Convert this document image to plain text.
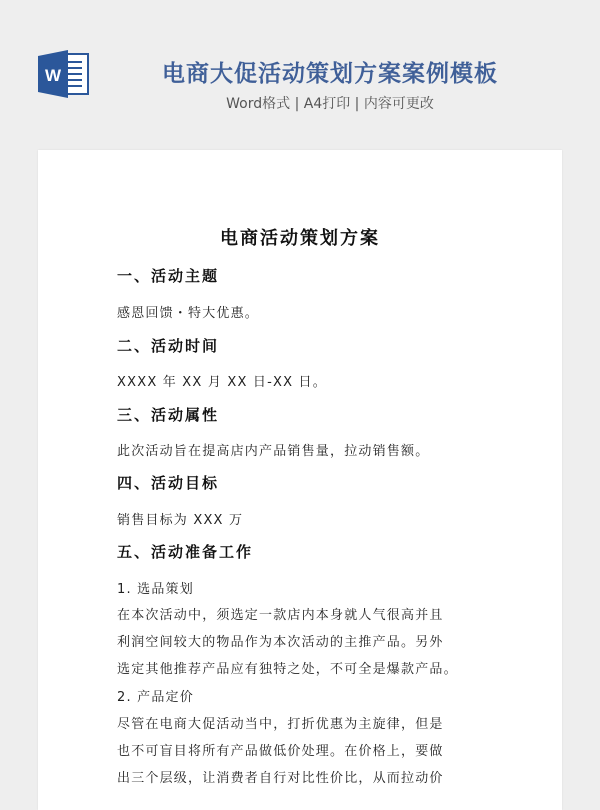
W	电商大促活动策划方案案例模板
Word格式 | A4打印 | 内容可更改
电商活动策划方案
一、活动主题
感恩回馈・特大优惠。
二、活动时间
XXXX 年 XX 月 XX 日-XX 日。
三、活动属性
此次活动旨在提高店内产品销售量，拉动销售额。
四、活动目标
销售目标为 XXX 万
五、活动准备工作
1. 选品策划
在本次活动中，须选定一款店内本身就人气很高并且
利润空间较大的物品作为本次活动的主推产品。另外
选定其他推荐产品应有独特之处，不可全是爆款产品。
2. 产品定价
尽管在电商大促活动当中，打折优惠为主旋律，但是
也不可盲目将所有产品做低价处理。在价格上，要做
出三个层级，让消费者自行对比性价比，从而拉动价
